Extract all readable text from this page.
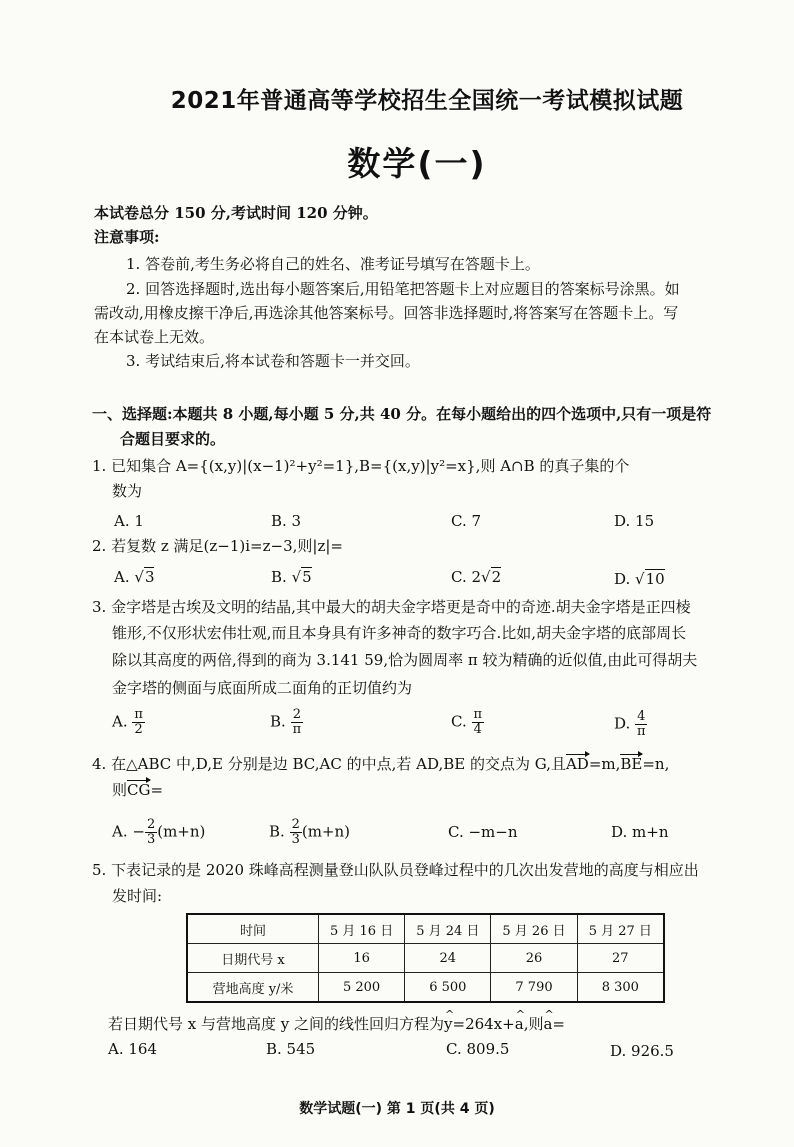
2021年普通高等学校招生全国统一考试模拟试题
数学(一)
本试卷总分 150 分,考试时间 120 分钟。
注意事项:
1. 答卷前,考生务必将自己的姓名、准考证号填写在答题卡上。
2. 回答选择题时,选出每小题答案后,用铅笔把答题卡上对应题目的答案标号涂黑。如
需改动,用橡皮擦干净后,再选涂其他答案标号。回答非选择题时,将答案写在答题卡上。写
在本试卷上无效。
3. 考试结束后,将本试卷和答题卡一并交回。
一、选择题:本题共 8 小题,每小题 5 分,共 40 分。在每小题给出的四个选项中,只有一项是符
合题目要求的。
1. 已知集合 A={(x,y)|(x−1)²+y²=1},B={(x,y)|y²=x},则 A∩B 的真子集的个
数为
A. 1	B. 3	C. 7	D. 15
2. 若复数 z 满足(z−1)i=z−3,则|z|=
A. √3	B. √5	C. 2√2	D. √10
3. 金字塔是古埃及文明的结晶,其中最大的胡夫金字塔更是奇中的奇迹.胡夫金字塔是正四棱
锥形,不仅形状宏伟壮观,而且本身具有许多神奇的数字巧合.比如,胡夫金字塔的底部周长
除以其高度的两倍,得到的商为 3.141 59,恰为圆周率 π 较为精确的近似值,由此可得胡夫
金字塔的侧面与底面所成二面角的正切值约为
A. $\frac{\pi}{2}$	B. $\frac{2}{\pi}$	C. $\frac{\pi}{4}$	D. $\frac{4}{\pi}$
4. 在△ABC 中,D,E 分别是边 BC,AC 的中点,若 AD,BE 的交点为 G,且AD=m,BE=n,
则CG=
A. − $\frac{2}{3} (m+n)$	B. $\frac{2}{3} (m+n)$	C. −m−n	D. m+n
5. 下表记录的是 2020 珠峰高程测量登山队队员登峰过程中的几次出发营地的高度与相应出
发时间:
时间	5 月 16 日	5 月 24 日	5 月 26 日	5 月 27 日
日期代号 x	16	24	26	27
营地高度 y/米	5 200	6 500	7 790	8 300
若日期代号 x 与营地高度 y 之间的线性回归方程为^ y=264x+^ a,则^ a=
A. 164	B. 545	C. 809.5	D. 926.5
数学试题(一) 第 1 页(共 4 页)
